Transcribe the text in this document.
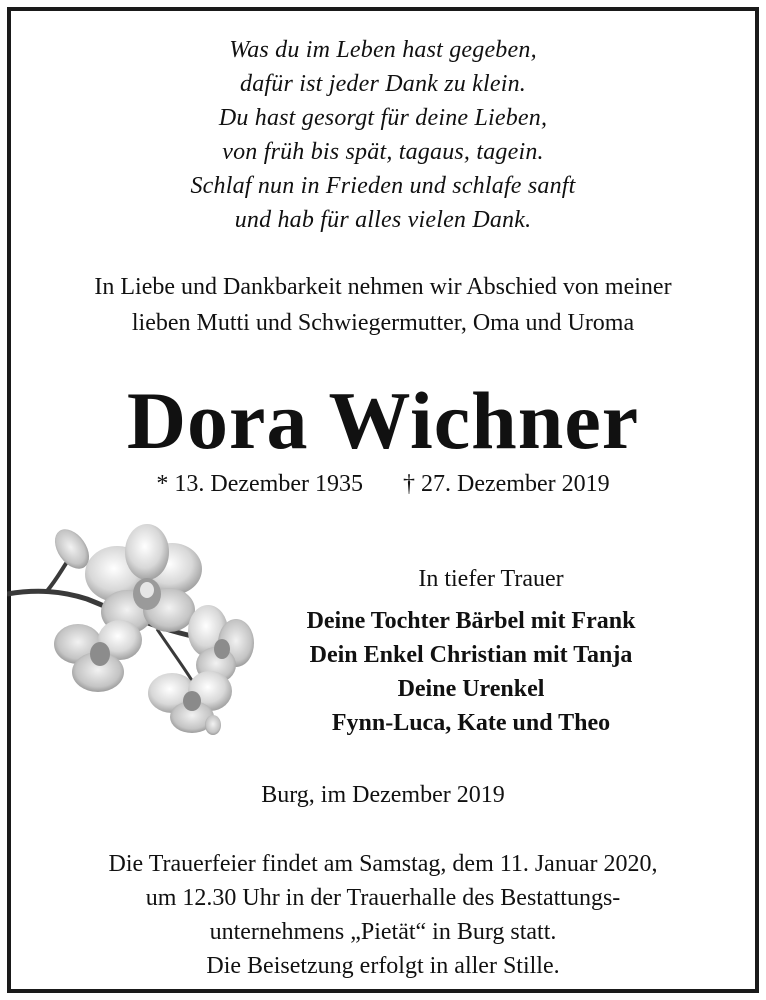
Was du im Leben hast gegeben,
dafür ist jeder Dank zu klein.
Du hast gesorgt für deine Lieben,
von früh bis spät, tagaus, tagein.
Schlaf nun in Frieden und schlafe sanft
und hab für alles vielen Dank.
In Liebe und Dankbarkeit nehmen wir Abschied von meiner
lieben Mutti und Schwiegermutter, Oma und Uroma
Dora Wichner
* 13. Dezember 1935 † 27. Dezember 2019
In tiefer Trauer
Deine Tochter Bärbel mit Frank
Dein Enkel Christian mit Tanja
Deine Urenkel
Fynn-Luca, Kate und Theo
Burg, im Dezember 2019
Die Trauerfeier findet am Samstag, dem 11. Januar 2020,
um 12.30 Uhr in der Trauerhalle des Bestattungs-
unternehmens „Pietät“ in Burg statt.
Die Beisetzung erfolgt in aller Stille.
